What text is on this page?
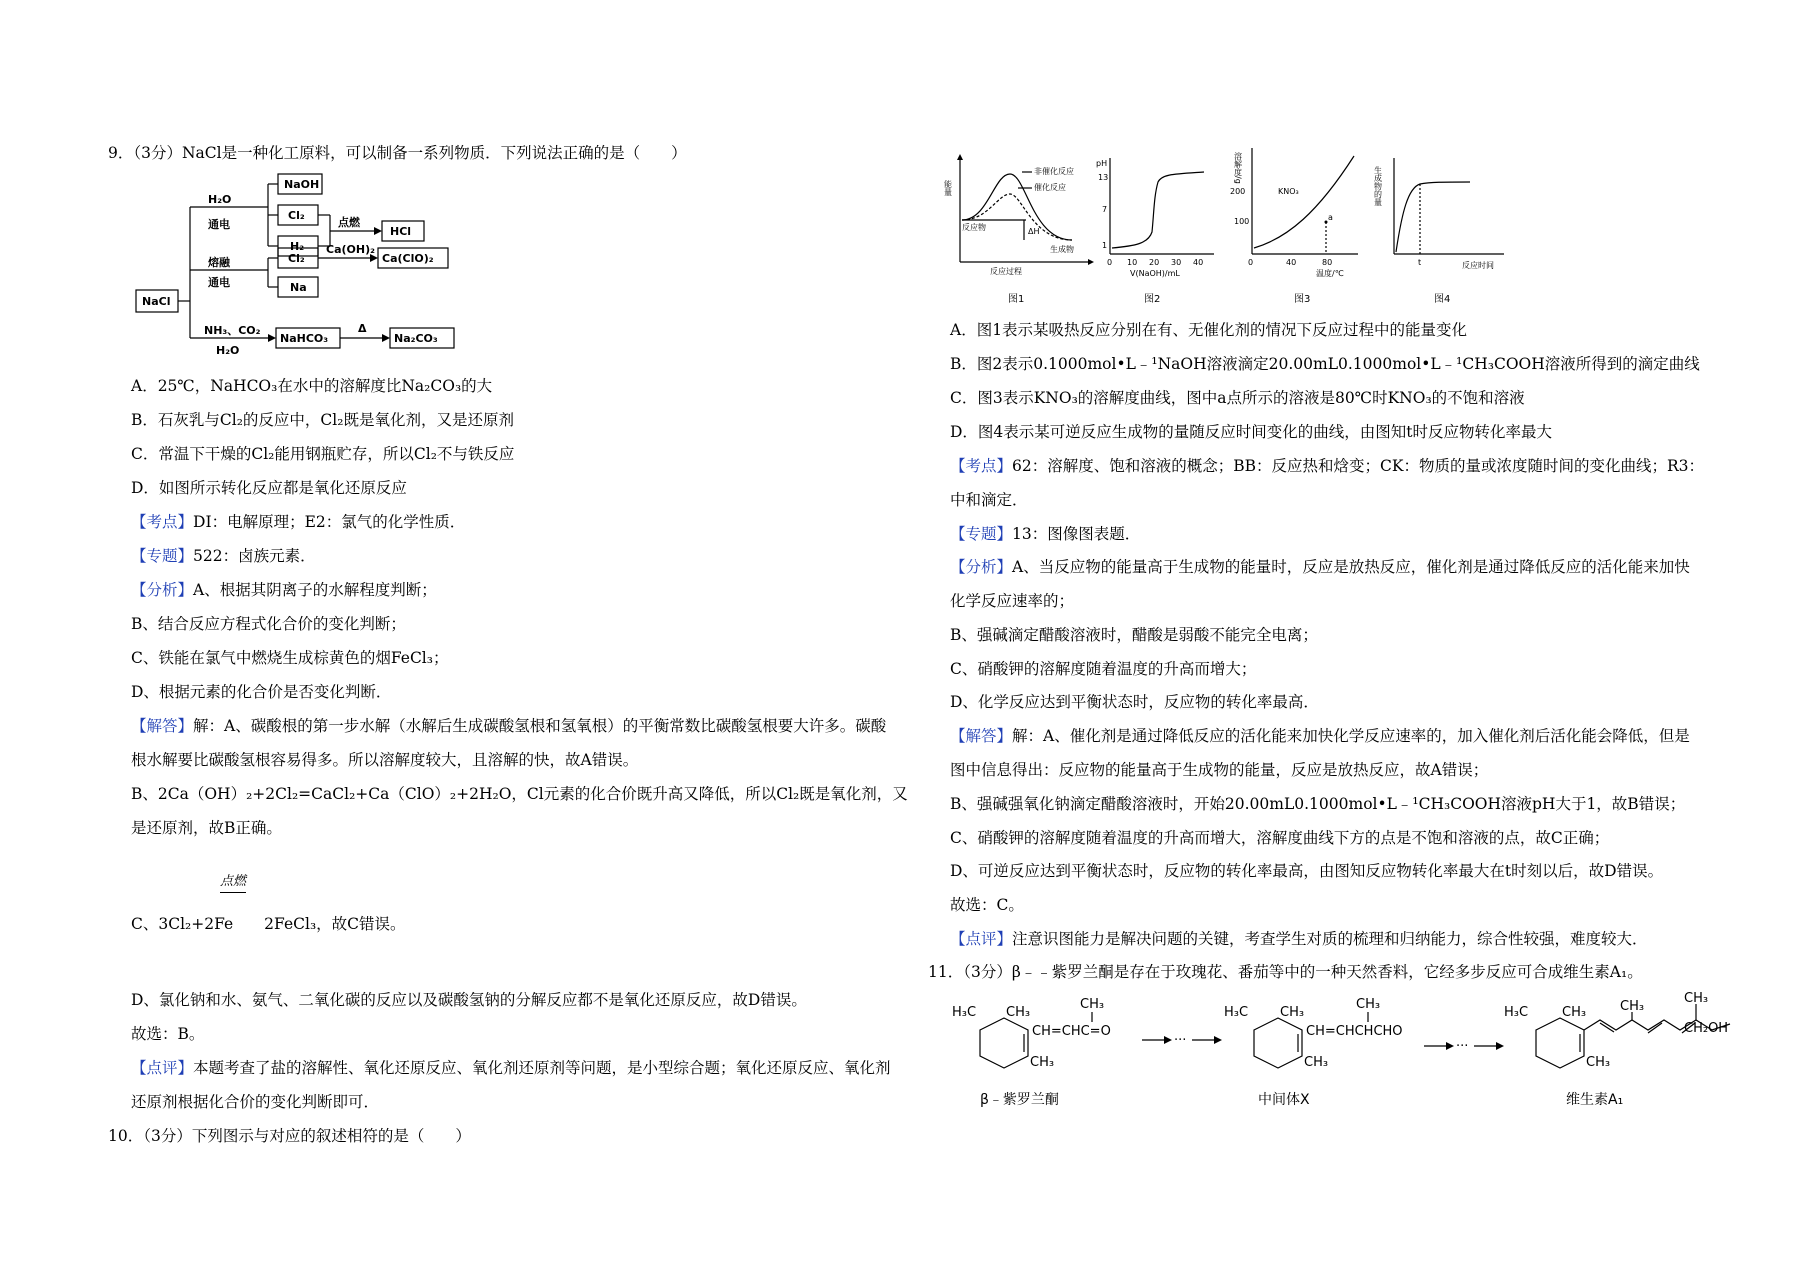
9．（3分）NaCl是一种化工原料，可以制备一系列物质．下列说法正确的是（　　）
NaCl
H₂O
通电
NaOH
Cl₂
H₂
点燃
HCl
熔融
通电
Cl₂
Ca(OH)₂
Ca(ClO)₂
Na
NH₃、CO₂
H₂O
NaHCO₃
Δ
Na₂CO₃
A．25℃，NaHCO₃在水中的溶解度比Na₂CO₃的大
B．石灰乳与Cl₂的反应中，Cl₂既是氧化剂，又是还原剂
C．常温下干燥的Cl₂能用钢瓶贮存，所以Cl₂不与铁反应
D．如图所示转化反应都是氧化还原反应
【考点】DI：电解原理；E2：氯气的化学性质．
【专题】522：卤族元素．
【分析】A、根据其阴离子的水解程度判断；
B、结合反应方程式化合价的变化判断；
C、铁能在氯气中燃烧生成棕黄色的烟FeCl₃；
D、根据元素的化合价是否变化判断．
【解答】解：A、碳酸根的第一步水解（水解后生成碳酸氢根和氢氧根）的平衡常数比碳酸氢根要大许多。碳酸
根水解要比碳酸氢根容易得多。所以溶解度较大，且溶解的快，故A错误。
B、2Ca（OH）₂+2Cl₂=CaCl₂+Ca（ClO）₂+2H₂O，Cl元素的化合价既升高又降低，所以Cl₂既是氧化剂，又
是还原剂，故B正确。
点燃
C、3Cl₂+2Fe　　2FeCl₃，故C错误。
D、氯化钠和水、氨气、二氧化碳的反应以及碳酸氢钠的分解反应都不是氧化还原反应，故D错误。
故选：B。
【点评】本题考查了盐的溶解性、氧化还原反应、氧化剂还原剂等问题，是小型综合题；氧化还原反应、氧化剂
还原剂根据化合价的变化判断即可．
10．（3分）下列图示与对应的叙述相符的是（　　）
能量
非催化反应
催化反应
反应物	ΔH
生成物
反应过程
图1
pH
13
7
1
0 10 20 30 40
V(NaOH)/mL
图2
溶解度/g
200
100
KNO₃
a
0	40	80
温度/℃
图3
生成物的量
t	反应时间
图4
A．图1表示某吸热反应分别在有、无催化剂的情况下反应过程中的能量变化
B．图2表示0.1000mol•L﹣¹NaOH溶液滴定20.00mL0.1000mol•L﹣¹CH₃COOH溶液所得到的滴定曲线
C．图3表示KNO₃的溶解度曲线，图中a点所示的溶液是80℃时KNO₃的不饱和溶液
D．图4表示某可逆反应生成物的量随反应时间变化的曲线，由图知t时反应物转化率最大
【考点】62：溶解度、饱和溶液的概念；BB：反应热和焓变；CK：物质的量或浓度随时间的变化曲线；R3：
中和滴定．
【专题】13：图像图表题．
【分析】A、当反应物的能量高于生成物的能量时，反应是放热反应，催化剂是通过降低反应的活化能来加快
化学反应速率的；
B、强碱滴定醋酸溶液时，醋酸是弱酸不能完全电离；
C、硝酸钾的溶解度随着温度的升高而增大；
D、化学反应达到平衡状态时，反应物的转化率最高．
【解答】解：A、催化剂是通过降低反应的活化能来加快化学反应速率的，加入催化剂后活化能会降低，但是
图中信息得出：反应物的能量高于生成物的能量，反应是放热反应，故A错误；
B、强碱强氧化钠滴定醋酸溶液时，开始20.00mL0.1000mol•L﹣¹CH₃COOH溶液pH大于1，故B错误；
C、硝酸钾的溶解度随着温度的升高而增大，溶解度曲线下方的点是不饱和溶液的点，故C正确；
D、可逆反应达到平衡状态时，反应物的转化率最高，由图知反应物转化率最大在t时刻以后，故D错误。
故选：C。
【点评】注意识图能力是解决问题的关键，考查学生对质的梳理和归纳能力，综合性较强，难度较大．
11．（3分）β﹣﹣紫罗兰酮是存在于玫瑰花、番茄等中的一种天然香料，它经多步反应可合成维生素A₁。
H₃C CH₃
CH₃
CH=CHC=O
CH₃
β﹣紫罗兰酮
···
H₃C CH₃
CH₃
CH=CHCHCHO
CH₃
中间体X
···
H₃C	CH₃	CH₃
CH₃
CH₂OH
CH₃
维生素A₁
